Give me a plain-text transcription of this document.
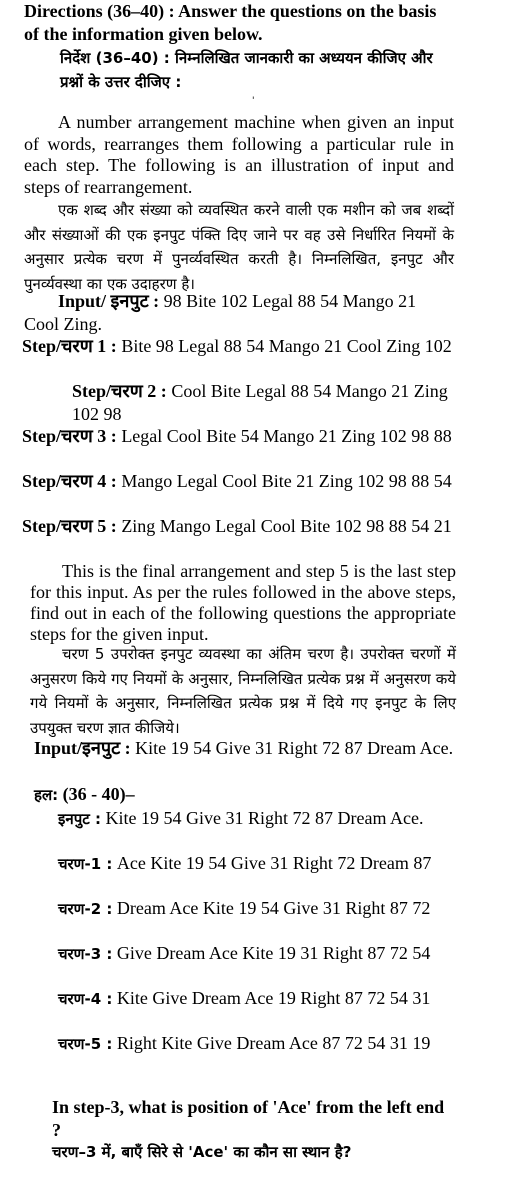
Directions (36–40) : Answer the questions on the basis of the information given below.

निर्देश (36–40) : निम्नलिखित जानकारी का अध्ययन कीजिए और प्रश्नों के उत्तर दीजिए :

'

A number arrangement machine when given an input of words, rearranges them following a particular rule in each step. The following is an illustration of input and steps of rearrangement.

एक शब्द और संख्या को व्यवस्थित करने वाली एक मशीन को जब शब्दों और संख्याओं की एक इनपुट पंक्ति दिए जाने पर वह उसे निर्धारित नियमों के अनुसार प्रत्येक चरण में पुनर्व्यवस्थित करती है। निम्नलिखित, इनपुट और पुनर्व्यवस्था का एक उदाहरण है।

Input/ इनपुट : 98 Bite 102 Legal 88 54 Mango 21 Cool Zing.

Step/चरण 1 : Bite 98 Legal 88 54 Mango 21 Cool Zing 102

Step/चरण 2 : Cool Bite Legal 88 54 Mango 21 Zing 102 98

Step/चरण 3 : Legal Cool Bite 54 Mango 21 Zing 102 98 88

Step/चरण 4 : Mango Legal Cool Bite 21 Zing 102 98 88 54

Step/चरण 5 : Zing Mango Legal Cool Bite 102 98 88 54 21

This is the final arrangement and step 5 is the last step for this input. As per the rules followed in the above steps, find out in each of the following questions the appropriate steps for the given input.

चरण 5 उपरोक्त इनपुट व्यवस्था का अंतिम चरण है। उपरोक्त चरणों में अनुसरण किये गए नियमों के अनुसार, निम्नलिखित प्रत्येक प्रश्न में अनुसरण कये गये नियमों के अनुसार, निम्नलिखित प्रत्येक प्रश्न में दिये गए इनपुट के लिए उपयुक्त चरण ज्ञात कीजिये।

Input/इनपुट : Kite 19 54 Give 31 Right 72 87 Dream Ace.

हल: (36 - 40)–

इनपुट : Kite 19 54 Give 31 Right 72 87 Dream Ace.

चरण-1 : Ace Kite 19 54 Give 31 Right 72 Dream 87

चरण-2 : Dream Ace Kite 19 54 Give 31 Right 87 72

चरण-3 : Give Dream Ace Kite 19 31 Right 87 72 54

चरण-4 : Kite Give Dream Ace 19 Right 87 72 54 31

चरण-5 : Right Kite Give Dream Ace 87 72 54 31 19

In step-3, what is position of 'Ace' from the left end ?

चरण–3 में, बाएँ सिरे से 'Ace' का कौन सा स्थान है?
